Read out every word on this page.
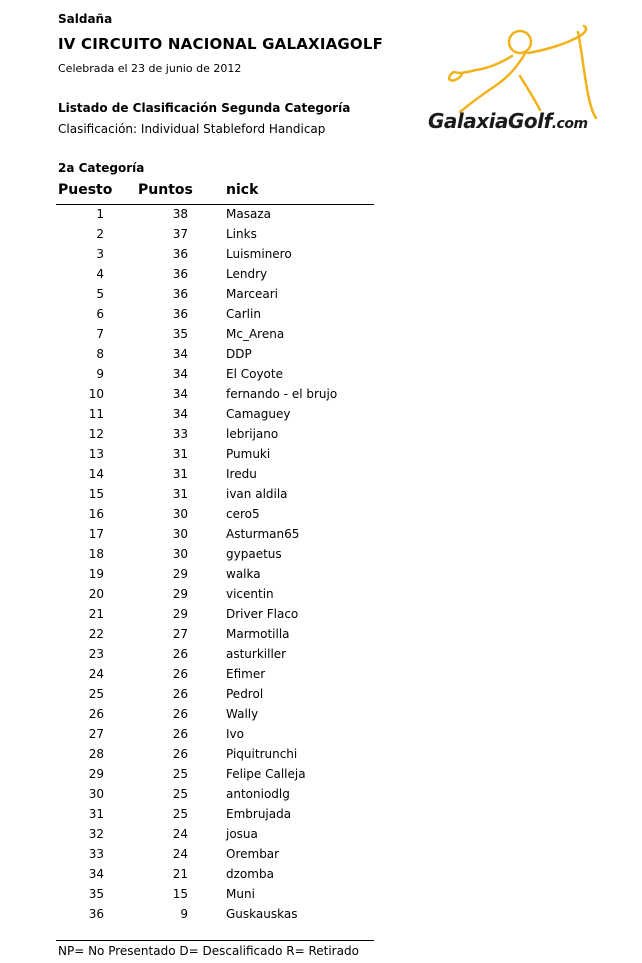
Saldaña
IV CIRCUITO NACIONAL GALAXIAGOLF
Celebrada el 23 de junio de 2012
Listado de Clasificación Segunda Categoría
Clasificación: Individual Stableford Handicap	GalaxiaGolf.com
2a Categoría
Puesto Puntos nick
1	38	Masaza
2	37	Links
3	36	Luisminero
4	36	Lendry
5	36	Marceari
6	36	Carlin
7	35	Mc_Arena
8	34	DDP
9	34	El Coyote
10	34	fernando - el brujo
11	34	Camaguey
12	33	lebrijano
13	31	Pumuki
14	31	Iredu
15	31	ivan aldila
16	30	cero5
17	30	Asturman65
18	30	gypaetus
19	29	walka
20	29	vicentin
21	29	Driver Flaco
22	27	Marmotilla
23	26	asturkiller
24	26	Efimer
25	26	Pedrol
26	26	Wally
27	26	Ivo
28	26	Piquitrunchi
29	25	Felipe Calleja
30	25	antoniodlg
31	25	Embrujada
32	24	josua
33	24	Orembar
34	21	dzomba
35	15	Muni
36	9	Guskauskas
NP= No Presentado D= Descalificado R= Retirado
